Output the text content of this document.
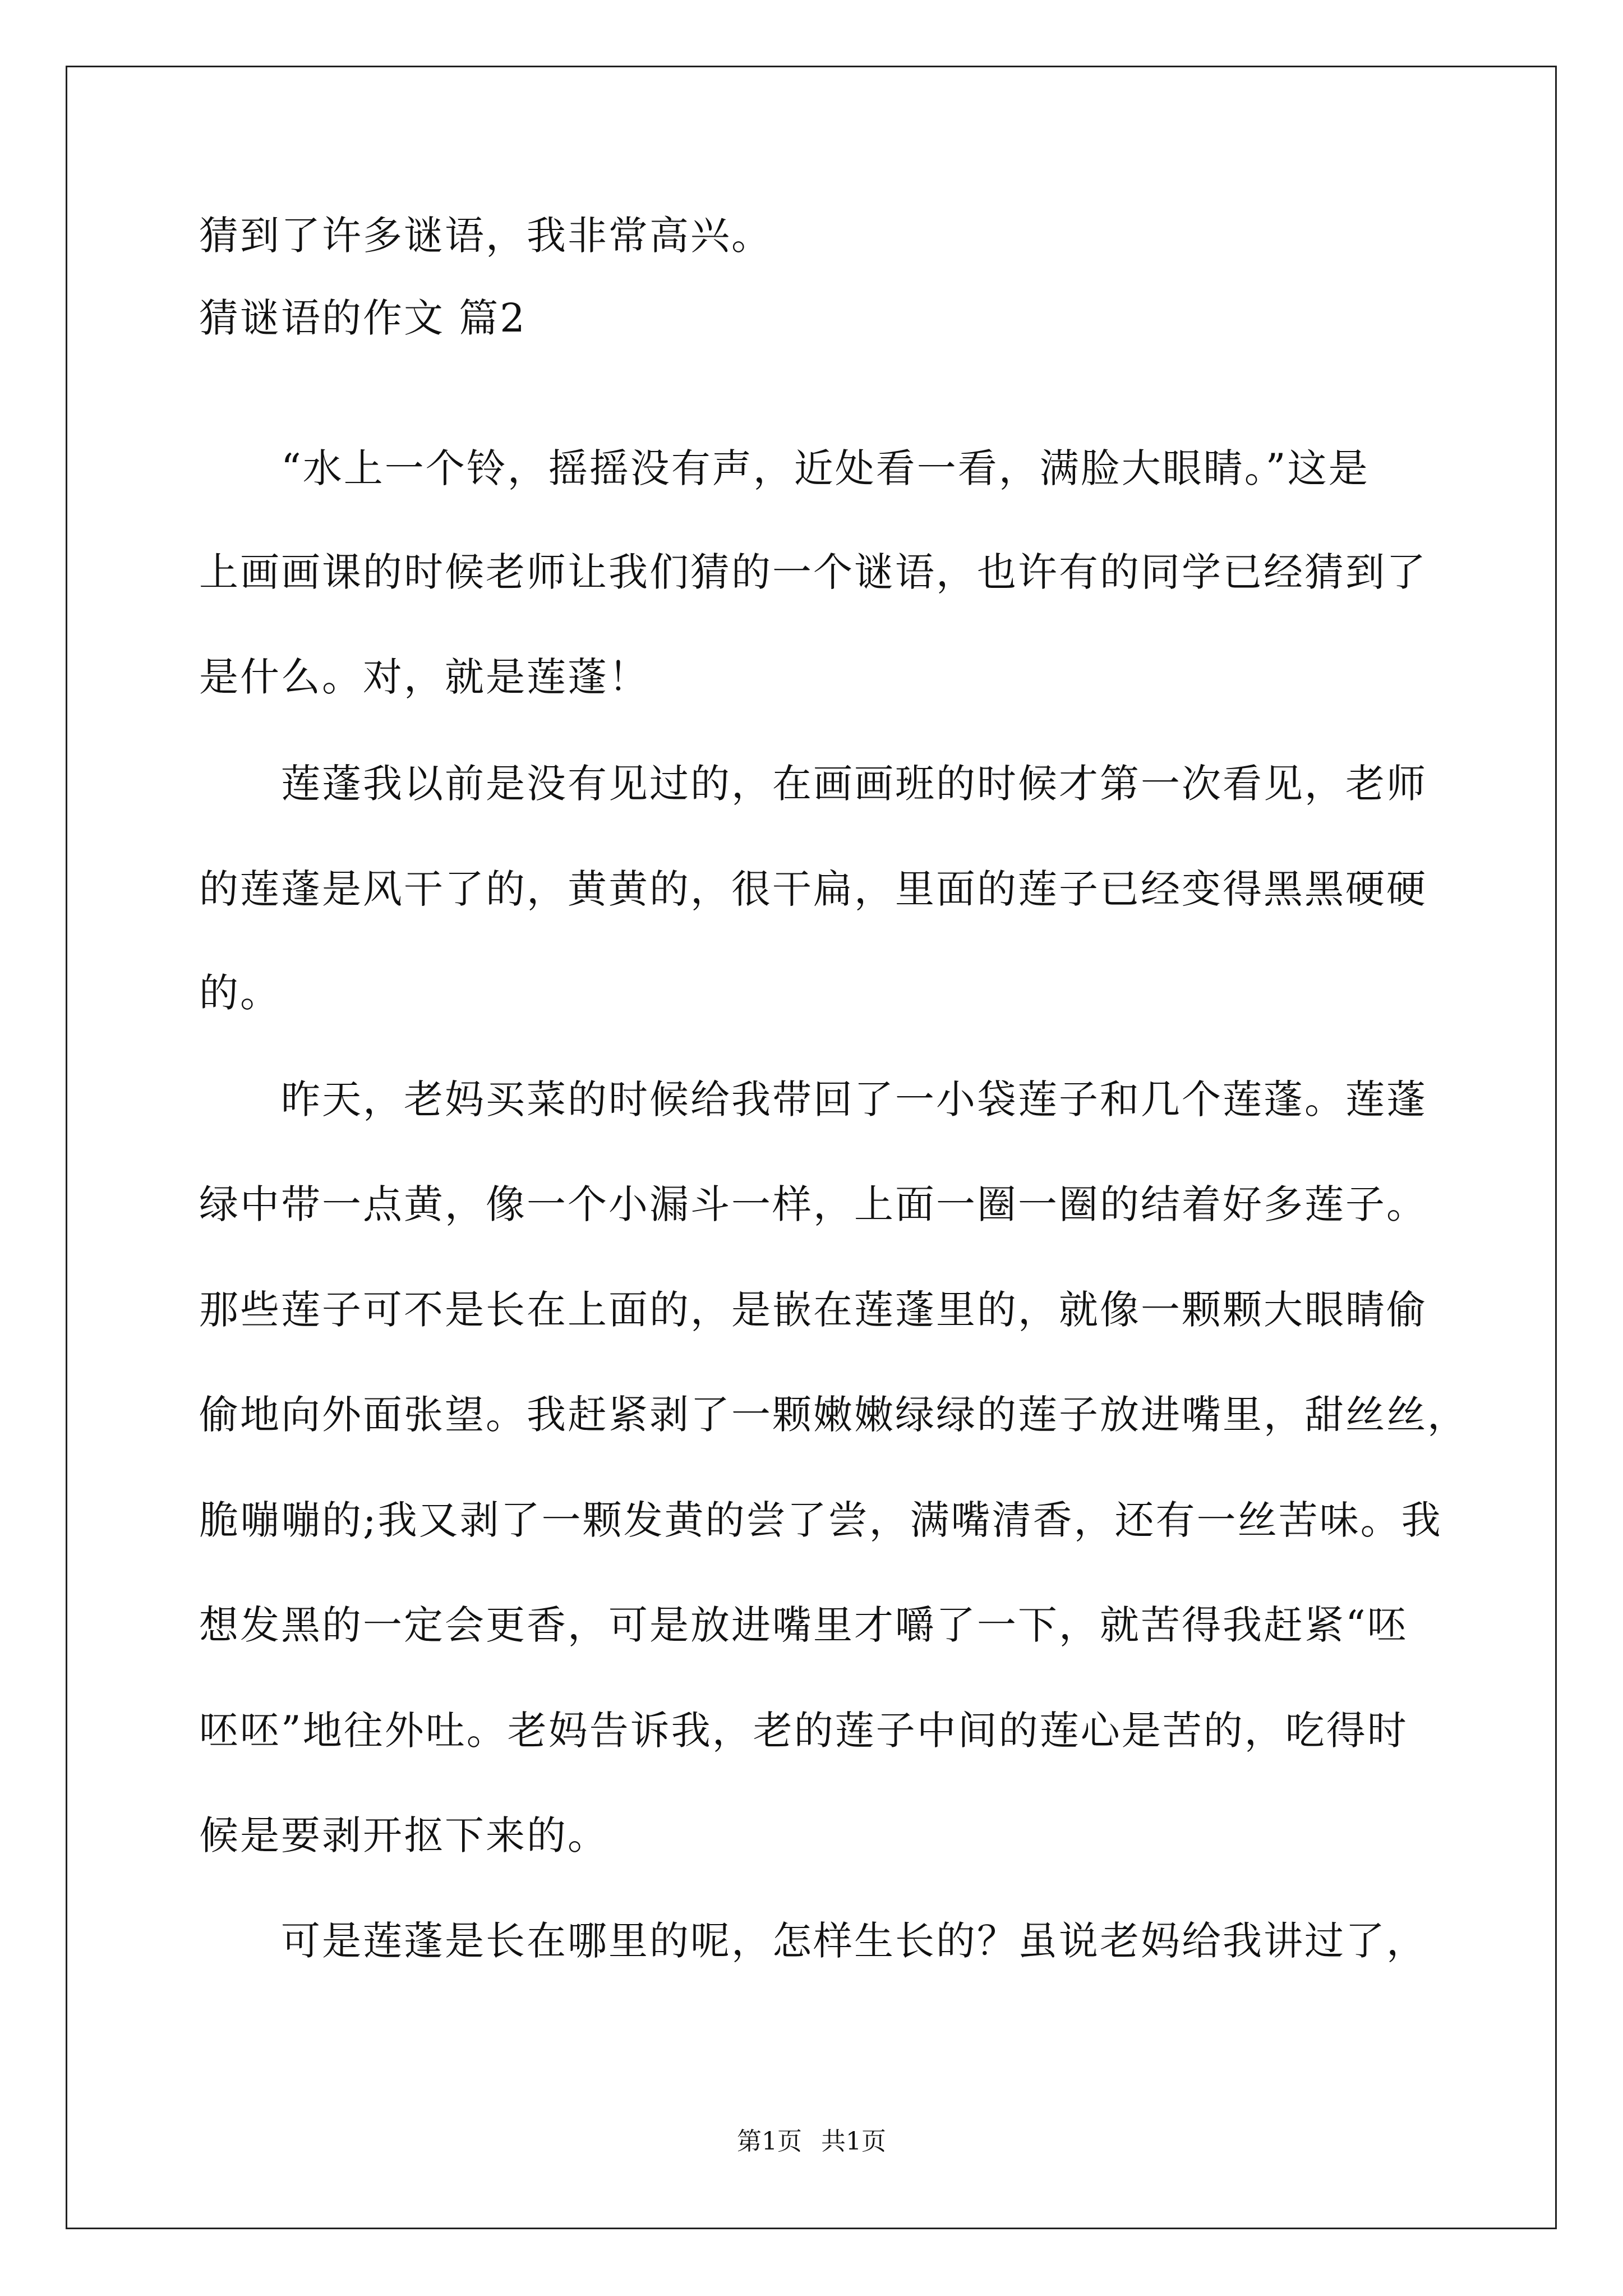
猜到了许多谜语，我非常高兴。
猜谜语的作文 篇2
　　“水上一个铃，摇摇没有声，近处看一看，满脸大眼睛。”这是
上画画课的时候老师让我们猜的一个谜语，也许有的同学已经猜到了
是什么。对，就是莲蓬！
　　莲蓬我以前是没有见过的，在画画班的时候才第一次看见，老师
的莲蓬是风干了的，黄黄的，很干扁，里面的莲子已经变得黑黑硬硬
的。
　　昨天，老妈买菜的时候给我带回了一小袋莲子和几个莲蓬。莲蓬
绿中带一点黄，像一个小漏斗一样，上面一圈一圈的结着好多莲子。
那些莲子可不是长在上面的，是嵌在莲蓬里的，就像一颗颗大眼睛偷
偷地向外面张望。我赶紧剥了一颗嫩嫩绿绿的莲子放进嘴里，甜丝丝，
脆嘣嘣的;我又剥了一颗发黄的尝了尝，满嘴清香，还有一丝苦味。我
想发黑的一定会更香，可是放进嘴里才嚼了一下，就苦得我赶紧“呸
呸呸”地往外吐。老妈告诉我，老的莲子中间的莲心是苦的，吃得时
候是要剥开抠下来的。
　　可是莲蓬是长在哪里的呢，怎样生长的？虽说老妈给我讲过了，
第1页 共1页
